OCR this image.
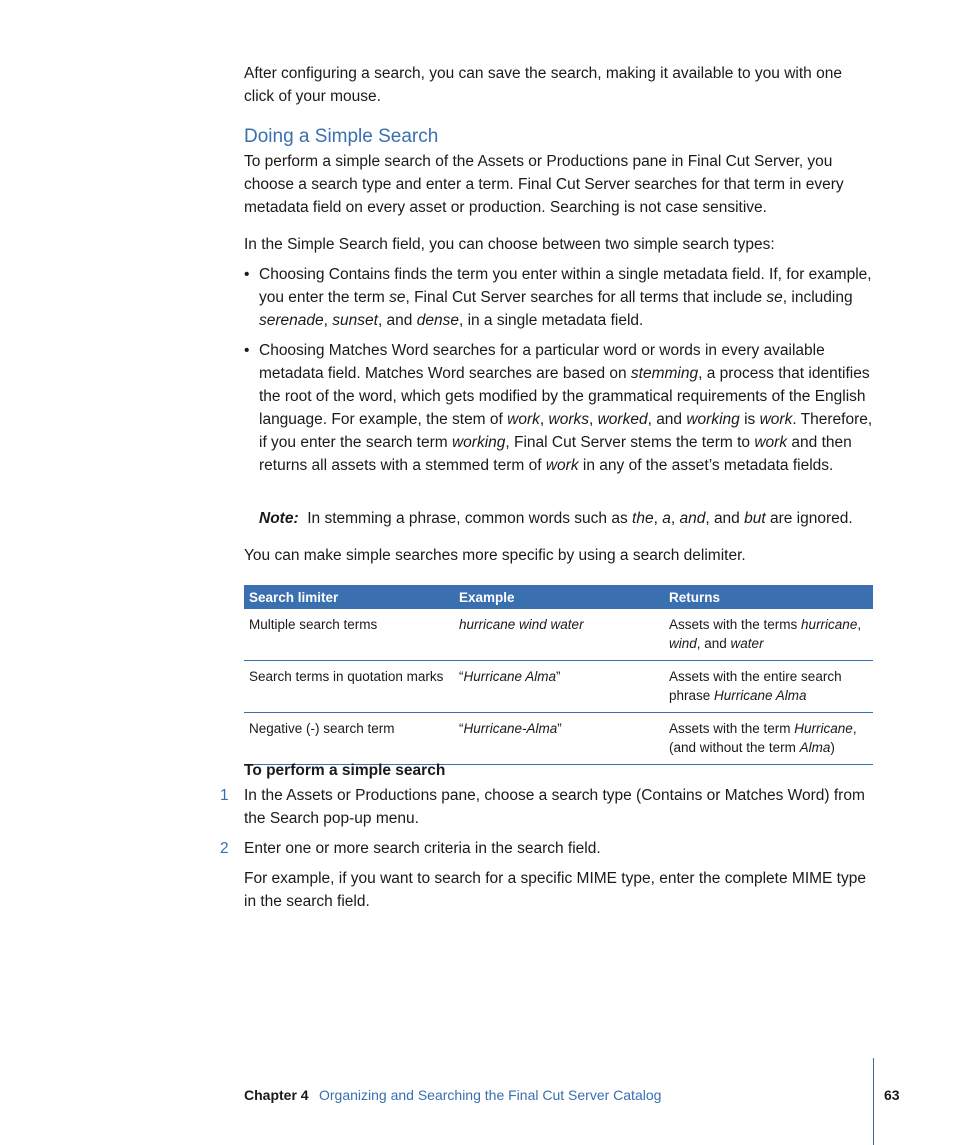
After configuring a search, you can save the search, making it available to you with one click of your mouse.

Doing a Simple Search

To perform a simple search of the Assets or Productions pane in Final Cut Server, you choose a search type and enter a term. Final Cut Server searches for that term in every metadata field on every asset or production. Searching is not case sensitive.

In the Simple Search field, you can choose between two simple search types:

• Choosing Contains finds the term you enter within a single metadata field. If, for example, you enter the term se, Final Cut Server searches for all terms that include se, including serenade, sunset, and dense, in a single metadata field.

• Choosing Matches Word searches for a particular word or words in every available metadata field. Matches Word searches are based on stemming, a process that identifies the root of the word, which gets modified by the grammatical requirements of the English language. For example, the stem of work, works, worked, and working is work. Therefore, if you enter the search term working, Final Cut Server stems the term to work and then returns all assets with a stemmed term of work in any of the asset’s metadata fields.

Note: In stemming a phrase, common words such as the, a, and, and but are ignored.

You can make simple searches more specific by using a search delimiter.

Search limiter	Example	Returns
Multiple search terms	hurricane wind water	Assets with the terms hurricane, wind, and water
Search terms in quotation marks	“Hurricane Alma”	Assets with the entire search phrase Hurricane Alma
Negative (-) search term	“Hurricane-Alma”	Assets with the term Hurricane, (and without the term Alma)
To perform a simple search
1 In the Assets or Productions pane, choose a search type (Contains or Matches Word) from the Search pop-up menu.

2 Enter one or more search criteria in the search field.

For example, if you want to search for a specific MIME type, enter the complete MIME type in the search field.

Chapter 4 Organizing and Searching the Final Cut Server Catalog	63
